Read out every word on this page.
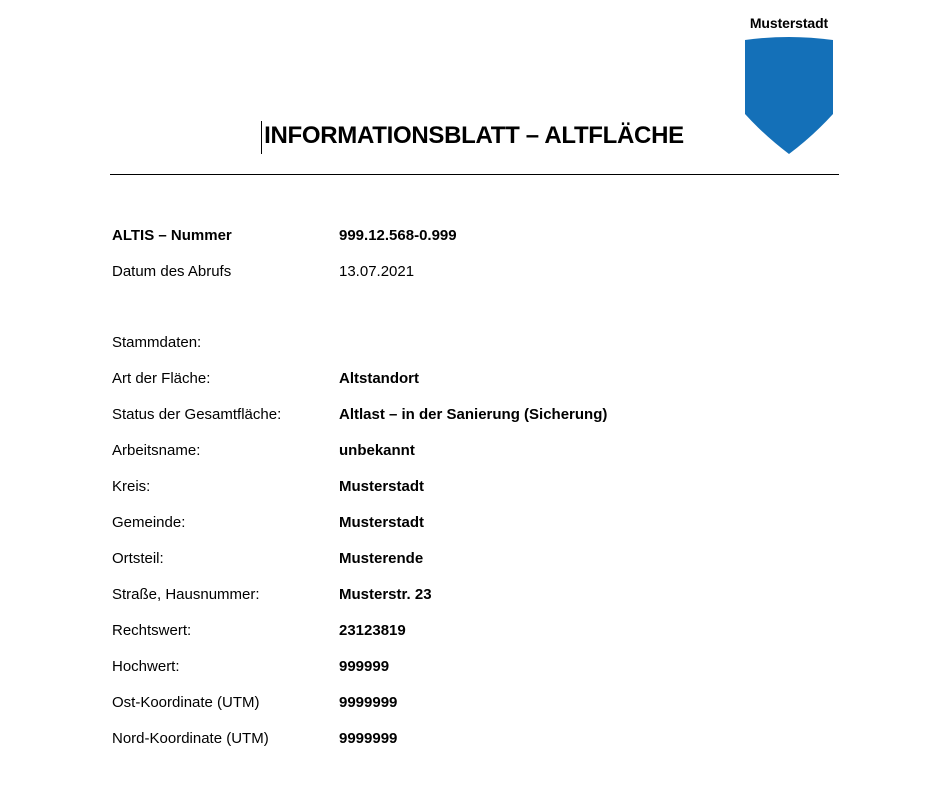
Musterstadt
INFORMATIONSBLATT – ALTFLÄCHE
ALTIS – Nummer	999.12.568-0.999
Datum des Abrufs	13.07.2021
Stammdaten:
Art der Fläche:	Altstandort
Status der Gesamtfläche:	Altlast – in der Sanierung (Sicherung)
Arbeitsname:	unbekannt
Kreis:	Musterstadt
Gemeinde:	Musterstadt
Ortsteil:	Musterende
Straße, Hausnummer:	Musterstr. 23
Rechtswert:	23123819
Hochwert:	999999
Ost-Koordinate (UTM)	9999999
Nord-Koordinate (UTM)	9999999
